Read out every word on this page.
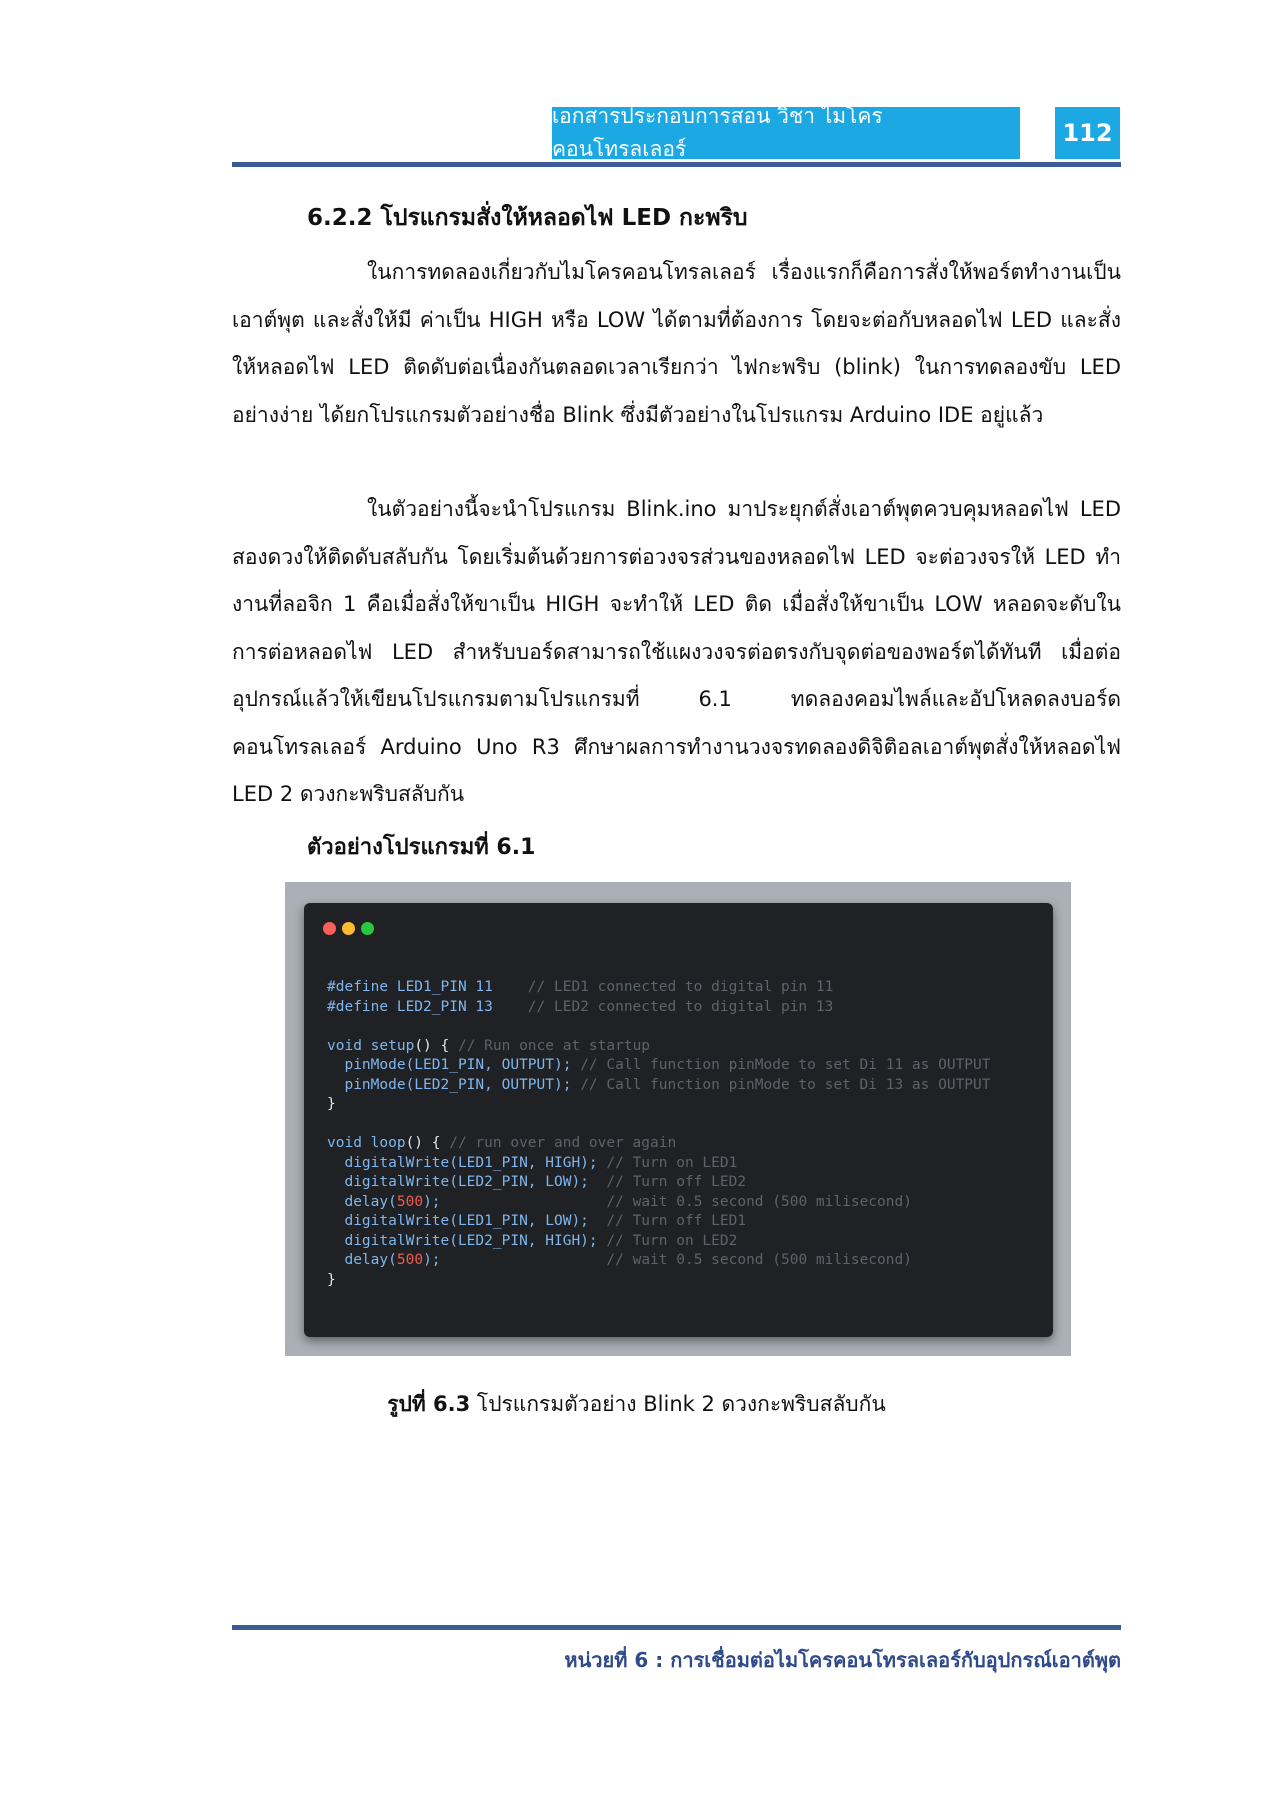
เอกสารประกอบการสอน วิชา ไมโครคอนโทรลเลอร์
112
6.2.2 โปรแกรมสั่งให้หลอดไฟ LED กะพริบ

ในการทดลองเกี่ยวกับไมโครคอนโทรลเลอร์ เรื่องแรกก็คือการสั่งให้พอร์ตทำงานเป็นเอาต์พุต และสั่งให้มี ค่าเป็น HIGH หรือ LOW ได้ตามที่ต้องการ โดยจะต่อกับหลอดไฟ LED และสั่งให้หลอดไฟ LED ติดดับต่อเนื่องกันตลอดเวลาเรียกว่า ไฟกะพริบ (blink) ในการทดลองขับ LED อย่างง่าย ได้ยกโปรแกรมตัวอย่างชื่อ Blink ซึ่งมีตัวอย่างในโปรแกรม Arduino IDE อยู่แล้ว

ในตัวอย่างนี้จะนำโปรแกรม Blink.ino มาประยุกต์สั่งเอาต์พุตควบคุมหลอดไฟ LED สองดวงให้ติดดับสลับกัน โดยเริ่มต้นด้วยการต่อวงจรส่วนของหลอดไฟ LED จะต่อวงจรให้ LED ทำงานที่ลอจิก 1 คือเมื่อสั่งให้ขาเป็น HIGH จะทำให้ LED ติด เมื่อสั่งให้ขาเป็น LOW หลอดจะดับในการต่อหลอดไฟ LED สำหรับบอร์ดสามารถใช้แผงวงจรต่อตรงกับจุดต่อของพอร์ตได้ทันที เมื่อต่ออุปกรณ์แล้วให้เขียนโปรแกรมตามโปรแกรมที่ 6.1 ทดลองคอมไพล์และอัปโหลดลงบอร์ดคอนโทรลเลอร์ Arduino Uno R3 ศึกษาผลการทำงานวงจรทดลองดิจิติอลเอาต์พุตสั่งให้หลอดไฟ LED 2 ดวงกะพริบสลับกัน

ตัวอย่างโปรแกรมที่ 6.1
#define LED1_PIN 11 // LED1 connected to digital pin 11
#define LED2_PIN 13 // LED2 connected to digital pin 13

void setup() { // Run once at startup
pinMode(LED1_PIN, OUTPUT); // Call function pinMode to set Di 11 as OUTPUT
pinMode(LED2_PIN, OUTPUT); // Call function pinMode to set Di 13 as OUTPUT
}

void loop() { // run over and over again
digitalWrite(LED1_PIN, HIGH); // Turn on LED1
digitalWrite(LED2_PIN, LOW); // Turn off LED2
delay(500);	// wait 0.5 second (500 milisecond)
digitalWrite(LED1_PIN, LOW); // Turn off LED1
digitalWrite(LED2_PIN, HIGH); // Turn on LED2
delay(500);	// wait 0.5 second (500 milisecond)
}
รูปที่ 6.3 โปรแกรมตัวอย่าง Blink 2 ดวงกะพริบสลับกัน
หน่วยที่ 6 : การเชื่อมต่อไมโครคอนโทรลเลอร์กับอุปกรณ์เอาต์พุต
